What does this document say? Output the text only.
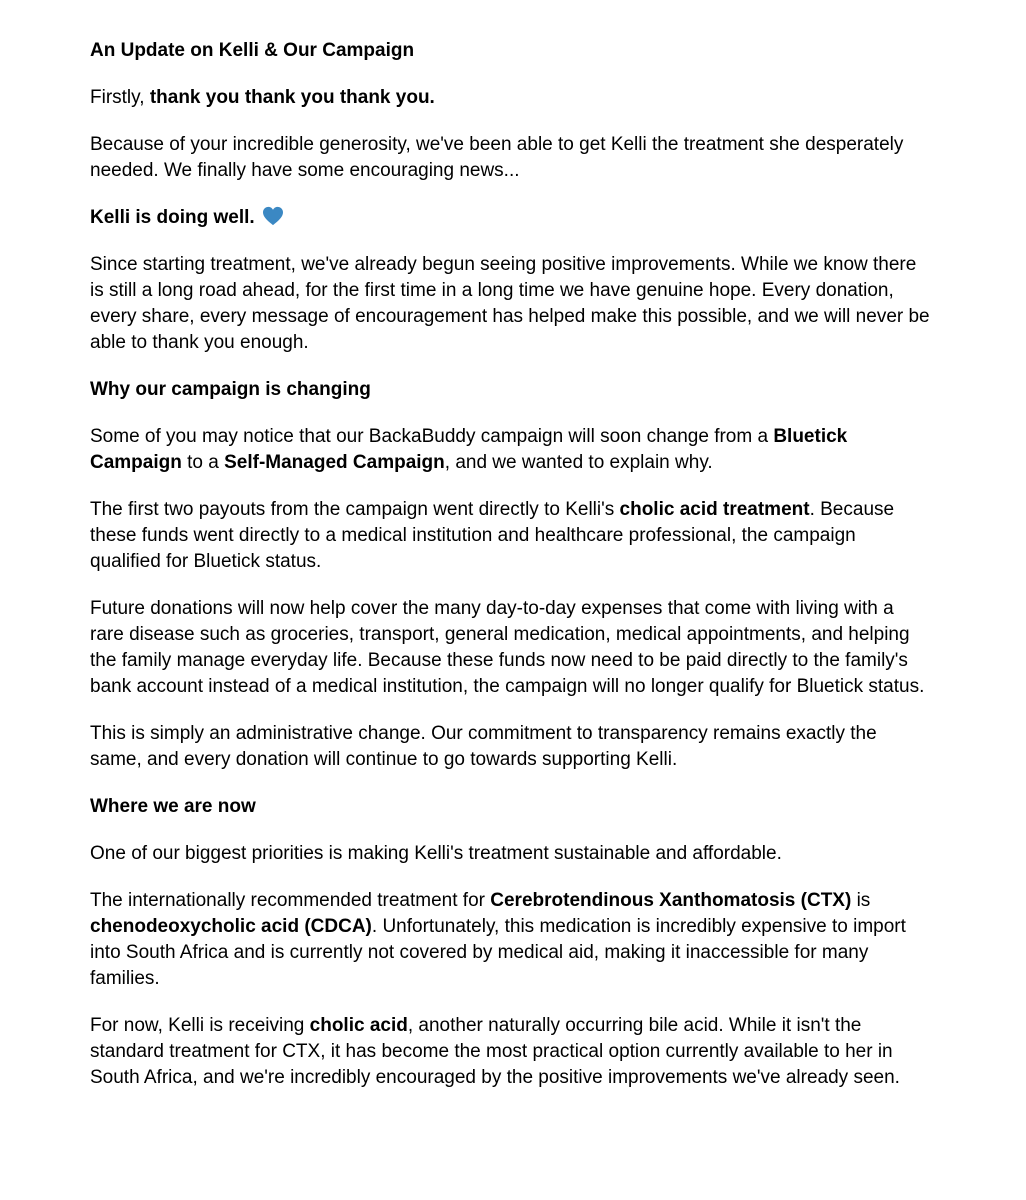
An Update on Kelli & Our Campaign

Firstly, thank you thank you thank you.

Because of your incredible generosity, we've been able to get Kelli the treatment she desperately needed. We finally have some encouraging news...

Kelli is doing well.

Since starting treatment, we've already begun seeing positive improvements. While we know there is still a long road ahead, for the first time in a long time we have genuine hope. Every donation, every share, every message of encouragement has helped make this possible, and we will never be able to thank you enough.

Why our campaign is changing

Some of you may notice that our BackaBuddy campaign will soon change from a Bluetick Campaign to a Self-Managed Campaign, and we wanted to explain why.

The first two payouts from the campaign went directly to Kelli's cholic acid treatment. Because these funds went directly to a medical institution and healthcare professional, the campaign qualified for Bluetick status.

Future donations will now help cover the many day-to-day expenses that come with living with a rare disease such as groceries, transport, general medication, medical appointments, and helping the family manage everyday life. Because these funds now need to be paid directly to the family's bank account instead of a medical institution, the campaign will no longer qualify for Bluetick status.

This is simply an administrative change. Our commitment to transparency remains exactly the same, and every donation will continue to go towards supporting Kelli.

Where we are now

One of our biggest priorities is making Kelli's treatment sustainable and affordable.

The internationally recommended treatment for Cerebrotendinous Xanthomatosis (CTX) is chenodeoxycholic acid (CDCA). Unfortunately, this medication is incredibly expensive to import into South Africa and is currently not covered by medical aid, making it inaccessible for many families.

For now, Kelli is receiving cholic acid, another naturally occurring bile acid. While it isn't the standard treatment for CTX, it has become the most practical option currently available to her in South Africa, and we're incredibly encouraged by the positive improvements we've already seen.
